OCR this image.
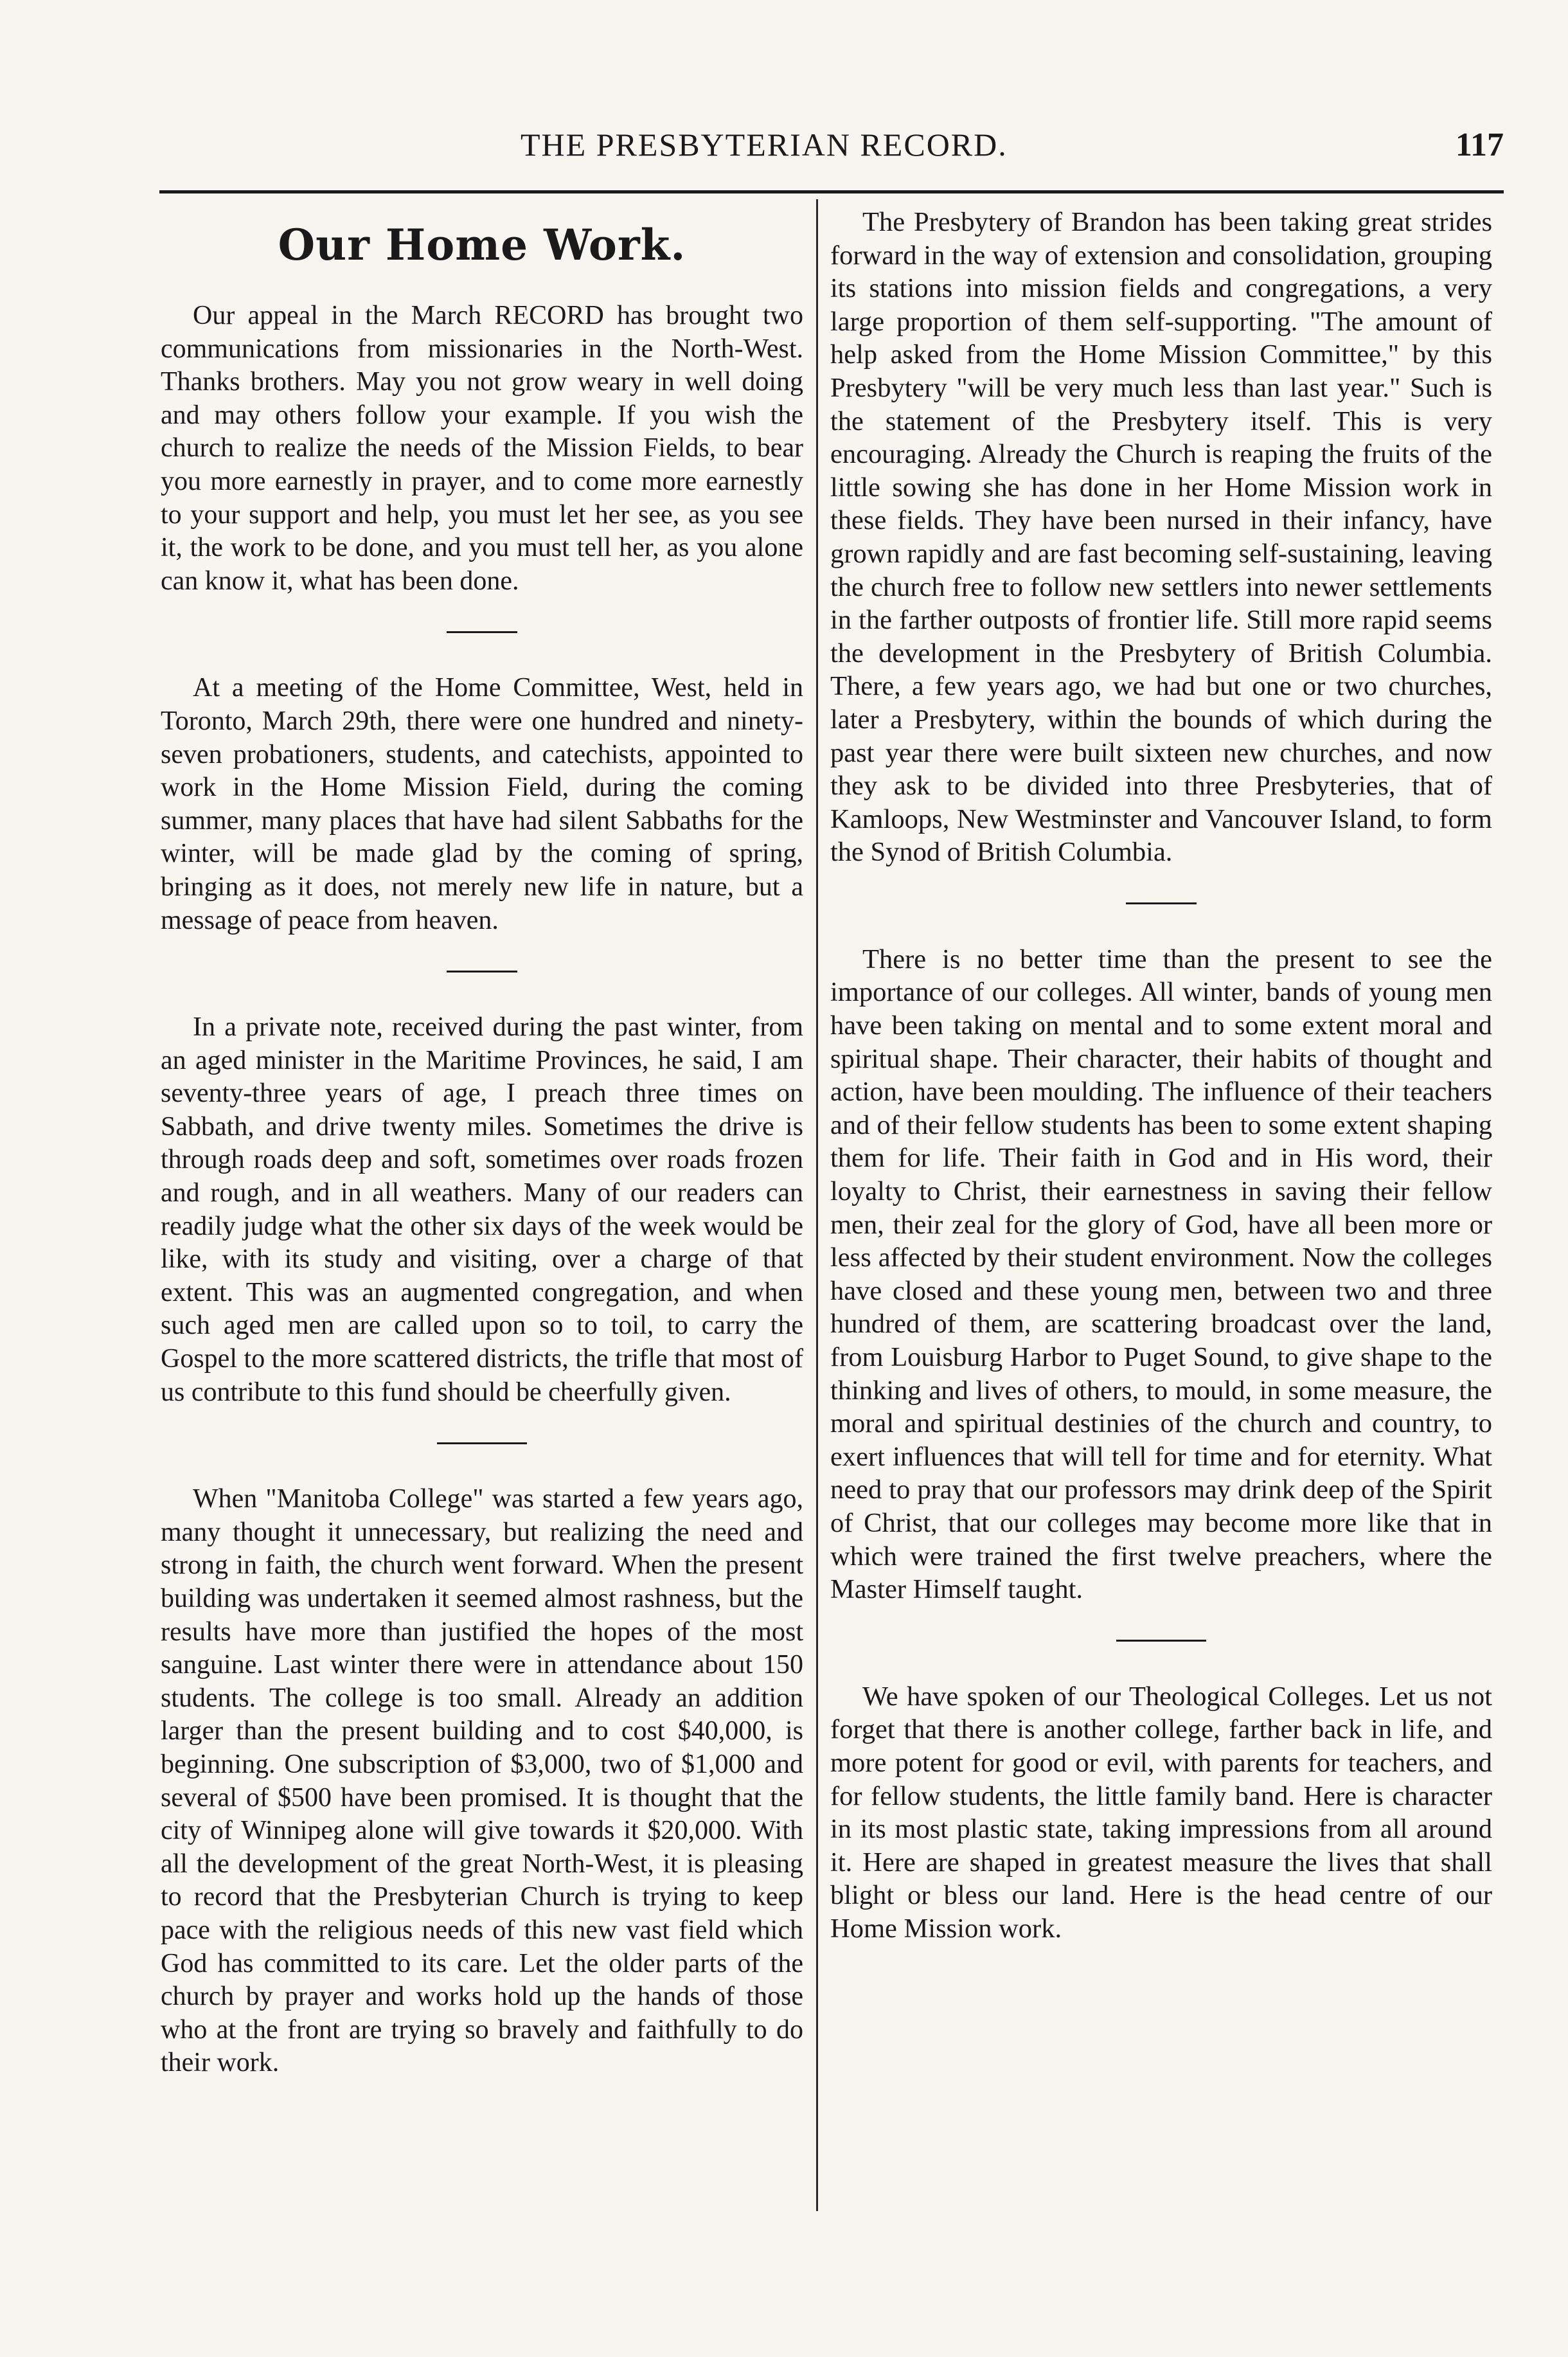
THE PRESBYTERIAN RECORD.	117
Our Home Work.

Our appeal in the March RECORD has brought two communications from missionaries in the North-West. Thanks brothers. May you not grow weary in well doing and may others follow your example. If you wish the church to realize the needs of the Mission Fields, to bear you more earnestly in prayer, and to come more earnestly to your support and help, you must let her see, as you see it, the work to be done, and you must tell her, as you alone can know it, what has been done.

At a meeting of the Home Committee, West, held in Toronto, March 29th, there were one hundred and ninety-seven probationers, students, and catechists, appointed to work in the Home Mission Field, during the coming summer, many places that have had silent Sabbaths for the winter, will be made glad by the coming of spring, bringing as it does, not merely new life in nature, but a message of peace from heaven.

In a private note, received during the past winter, from an aged minister in the Maritime Provinces, he said, I am seventy-three years of age, I preach three times on Sabbath, and drive twenty miles. Sometimes the drive is through roads deep and soft, sometimes over roads frozen and rough, and in all weathers. Many of our readers can readily judge what the other six days of the week would be like, with its study and visiting, over a charge of that extent. This was an augmented congregation, and when such aged men are called upon so to toil, to carry the Gospel to the more scattered districts, the trifle that most of us contribute to this fund should be cheerfully given.

When "Manitoba College" was started a few years ago, many thought it unnecessary, but realizing the need and strong in faith, the church went forward. When the present building was undertaken it seemed almost rashness, but the results have more than justified the hopes of the most sanguine. Last winter there were in attendance about 150 students. The college is too small. Already an addition larger than the present building and to cost $40,000, is beginning. One subscription of $3,000, two of $1,000 and several of $500 have been promised. It is thought that the city of Winnipeg alone will give towards it $20,000. With all the development of the great North-West, it is pleasing to record that the Presbyterian Church is trying to keep pace with the religious needs of this new vast field which God has committed to its care. Let the older parts of the church by prayer and works hold up the hands of those who at the front are trying so bravely and faithfully to do their work.

The Presbytery of Brandon has been taking great strides forward in the way of extension and consolidation, grouping its stations into mission fields and congregations, a very large proportion of them self-supporting. "The amount of help asked from the Home Mission Committee," by this Presbytery "will be very much less than last year." Such is the statement of the Presbytery itself. This is very encouraging. Already the Church is reaping the fruits of the little sowing she has done in her Home Mission work in these fields. They have been nursed in their infancy, have grown rapidly and are fast becoming self-sustaining, leaving the church free to follow new settlers into newer settlements in the farther outposts of frontier life. Still more rapid seems the development in the Presbytery of British Columbia. There, a few years ago, we had but one or two churches, later a Presbytery, within the bounds of which during the past year there were built sixteen new churches, and now they ask to be divided into three Presbyteries, that of Kamloops, New Westminster and Vancouver Island, to form the Synod of British Columbia.

There is no better time than the present to see the importance of our colleges. All winter, bands of young men have been taking on mental and to some extent moral and spiritual shape. Their character, their habits of thought and action, have been moulding. The influence of their teachers and of their fellow students has been to some extent shaping them for life. Their faith in God and in His word, their loyalty to Christ, their earnestness in saving their fellow men, their zeal for the glory of God, have all been more or less affected by their student environment. Now the colleges have closed and these young men, between two and three hundred of them, are scattering broadcast over the land, from Louisburg Harbor to Puget Sound, to give shape to the thinking and lives of others, to mould, in some measure, the moral and spiritual destinies of the church and country, to exert influences that will tell for time and for eternity. What need to pray that our professors may drink deep of the Spirit of Christ, that our colleges may become more like that in which were trained the first twelve preachers, where the Master Himself taught.

We have spoken of our Theological Colleges. Let us not forget that there is another college, farther back in life, and more potent for good or evil, with parents for teachers, and for fellow students, the little family band. Here is character in its most plastic state, taking impressions from all around it. Here are shaped in greatest measure the lives that shall blight or bless our land. Here is the head centre of our Home Mission work.
